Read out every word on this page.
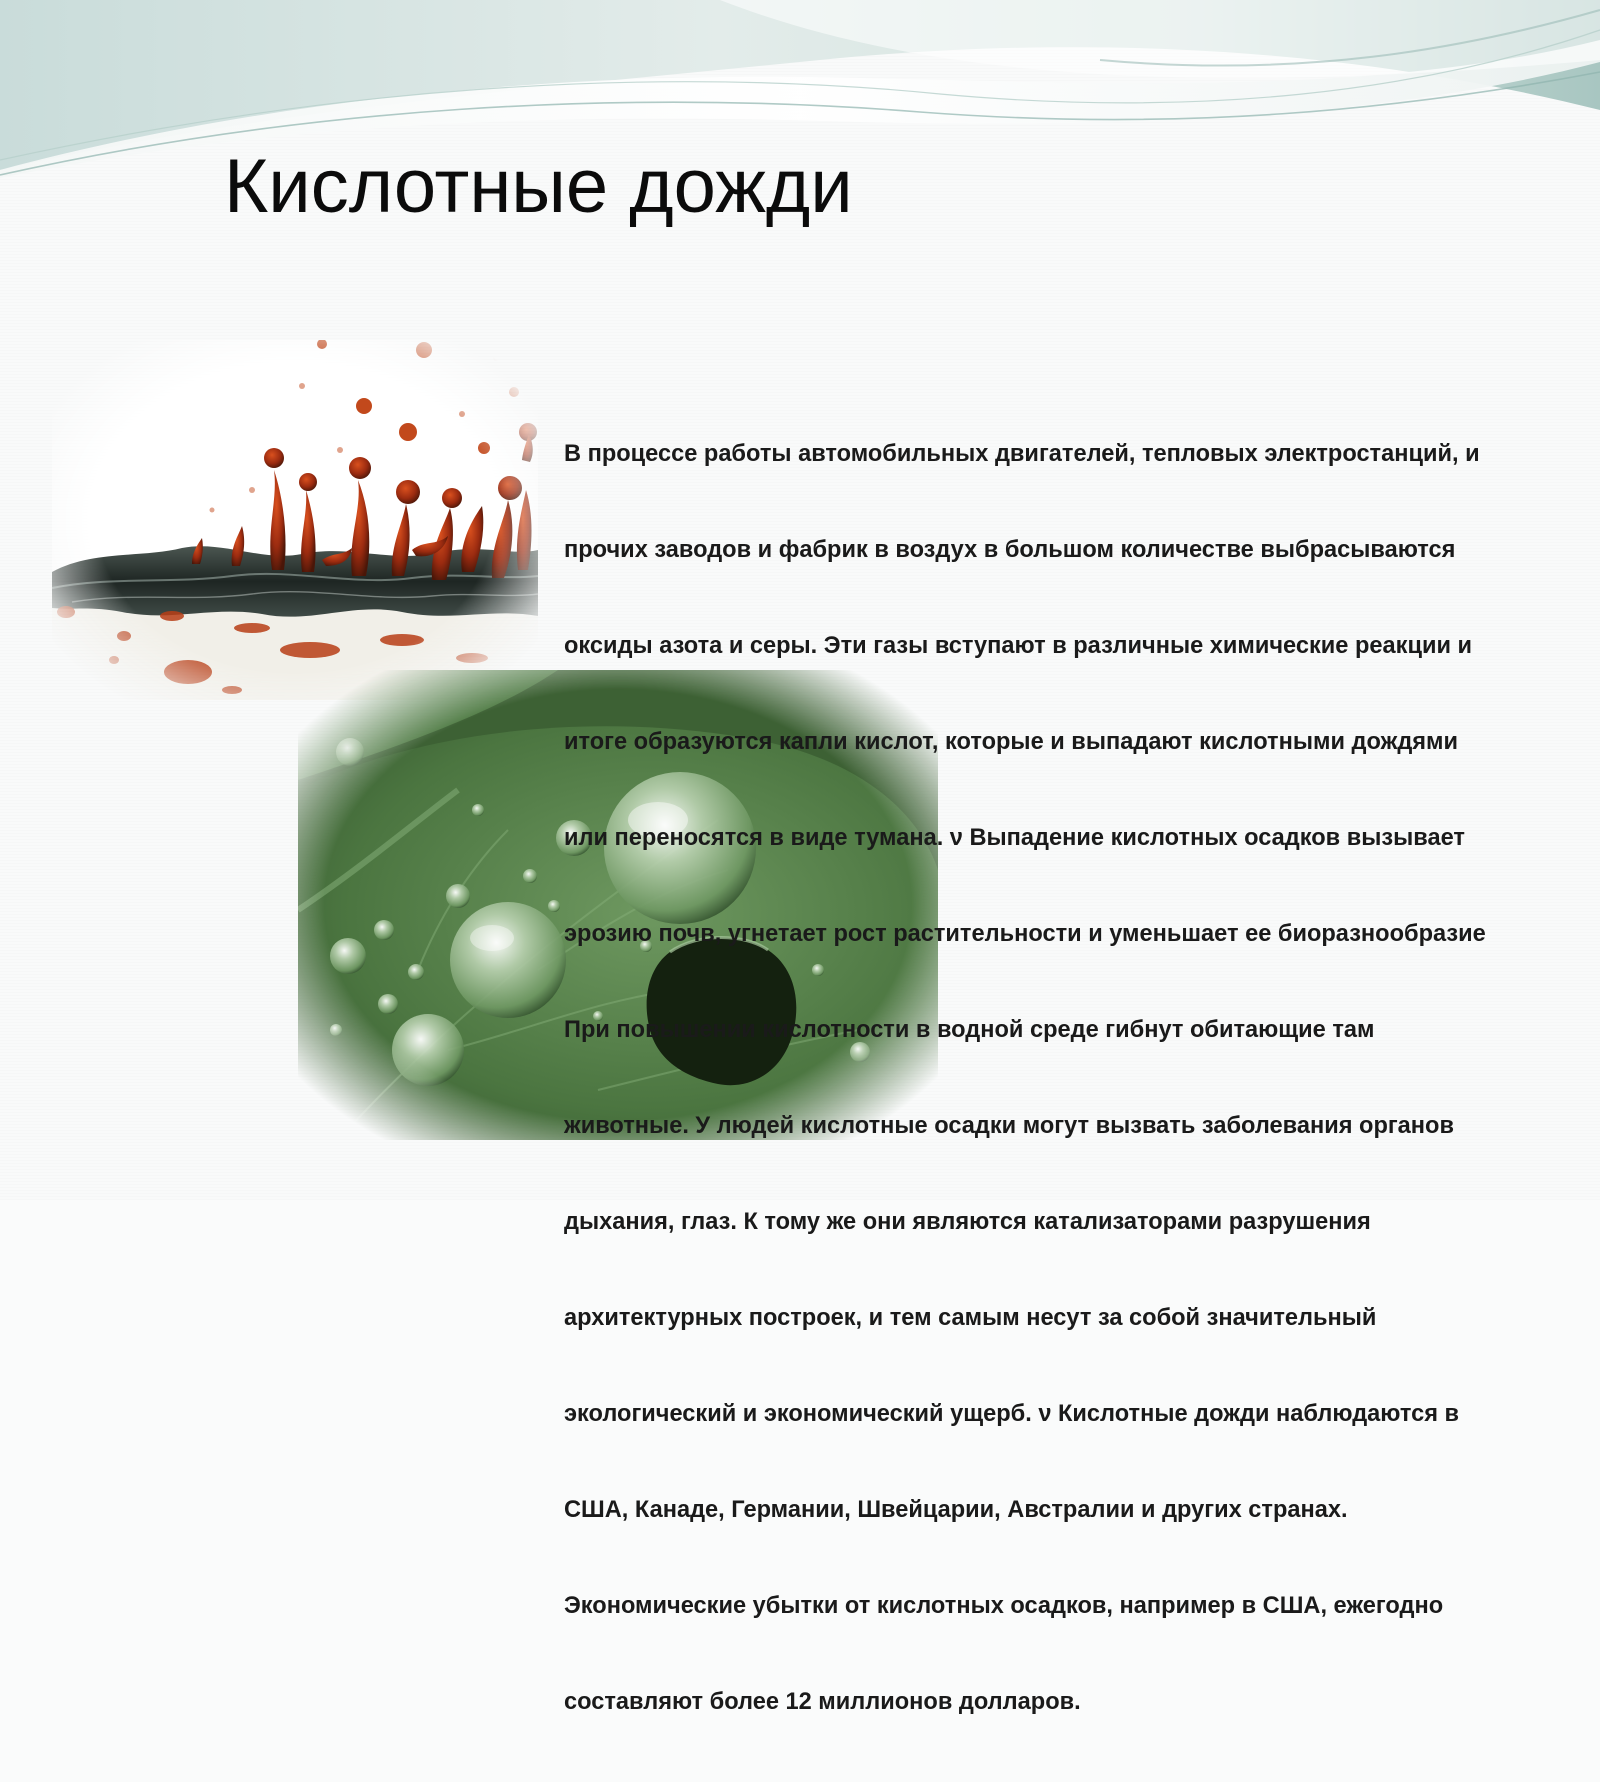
Кислотные дожди

В процессе работы автомобильных двигателей, тепловых электростанций, и

прочих заводов и фабрик в воздух в большом количестве выбрасываются

оксиды азота и серы. Эти газы вступают в различные химические реакции и

итоге образуются капли кислот, которые и выпадают кислотными дождями

или переносятся в виде тумана. ν Выпадение кислотных осадков вызывает

эрозию почв, угнетает рост растительности и уменьшает ее биоразнообразие

При повышении кислотности в водной среде гибнут обитающие там

животные. У людей кислотные осадки могут вызвать заболевания органов

дыхания, глаз. К тому же они являются катализаторами разрушения

архитектурных построек, и тем самым несут за собой значительный

экологический и экономический ущерб. ν Кислотные дожди наблюдаются в

США, Канаде, Германии, Швейцарии, Австралии и других странах.

Экономические убытки от кислотных осадков, например в США, ежегодно

составляют более 12 миллионов долларов.
